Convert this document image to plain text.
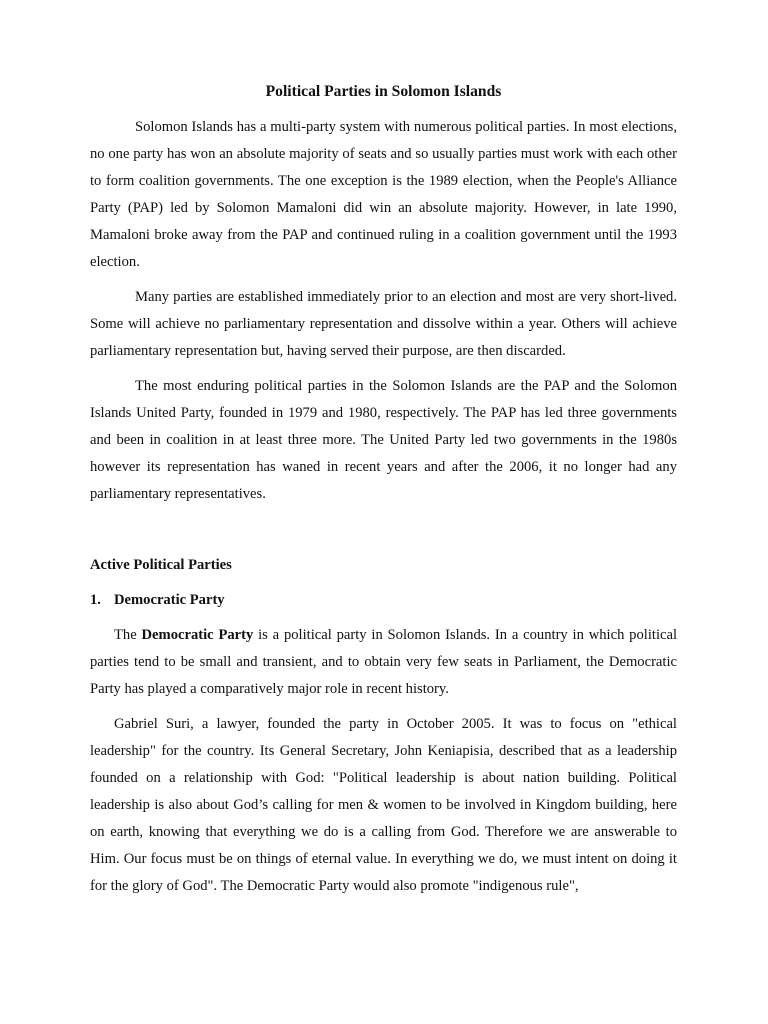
Political Parties in Solomon Islands

Solomon Islands has a multi-party system with numerous political parties. In most elections, no one party has won an absolute majority of seats and so usually parties must work with each other to form coalition governments. The one exception is the 1989 election, when the People's Alliance Party (PAP) led by Solomon Mamaloni did win an absolute majority. However, in late 1990, Mamaloni broke away from the PAP and continued ruling in a coalition government until the 1993 election.

Many parties are established immediately prior to an election and most are very short-lived. Some will achieve no parliamentary representation and dissolve within a year. Others will achieve parliamentary representation but, having served their purpose, are then discarded.

The most enduring political parties in the Solomon Islands are the PAP and the Solomon Islands United Party, founded in 1979 and 1980, respectively. The PAP has led three governments and been in coalition in at least three more. The United Party led two governments in the 1980s however its representation has waned in recent years and after the 2006, it no longer had any parliamentary representatives.

Active Political Parties
1. Democratic Party

The Democratic Party is a political party in Solomon Islands. In a country in which political parties tend to be small and transient, and to obtain very few seats in Parliament, the Democratic Party has played a comparatively major role in recent history.

Gabriel Suri, a lawyer, founded the party in October 2005. It was to focus on "ethical leadership" for the country. Its General Secretary, John Keniapisia, described that as a leadership founded on a relationship with God: "Political leadership is about nation building. Political leadership is also about God’s calling for men & women to be involved in Kingdom building, here on earth, knowing that everything we do is a calling from God. Therefore we are answerable to Him. Our focus must be on things of eternal value. In everything we do, we must intent on doing it for the glory of God". The Democratic Party would also promote "indigenous rule",
